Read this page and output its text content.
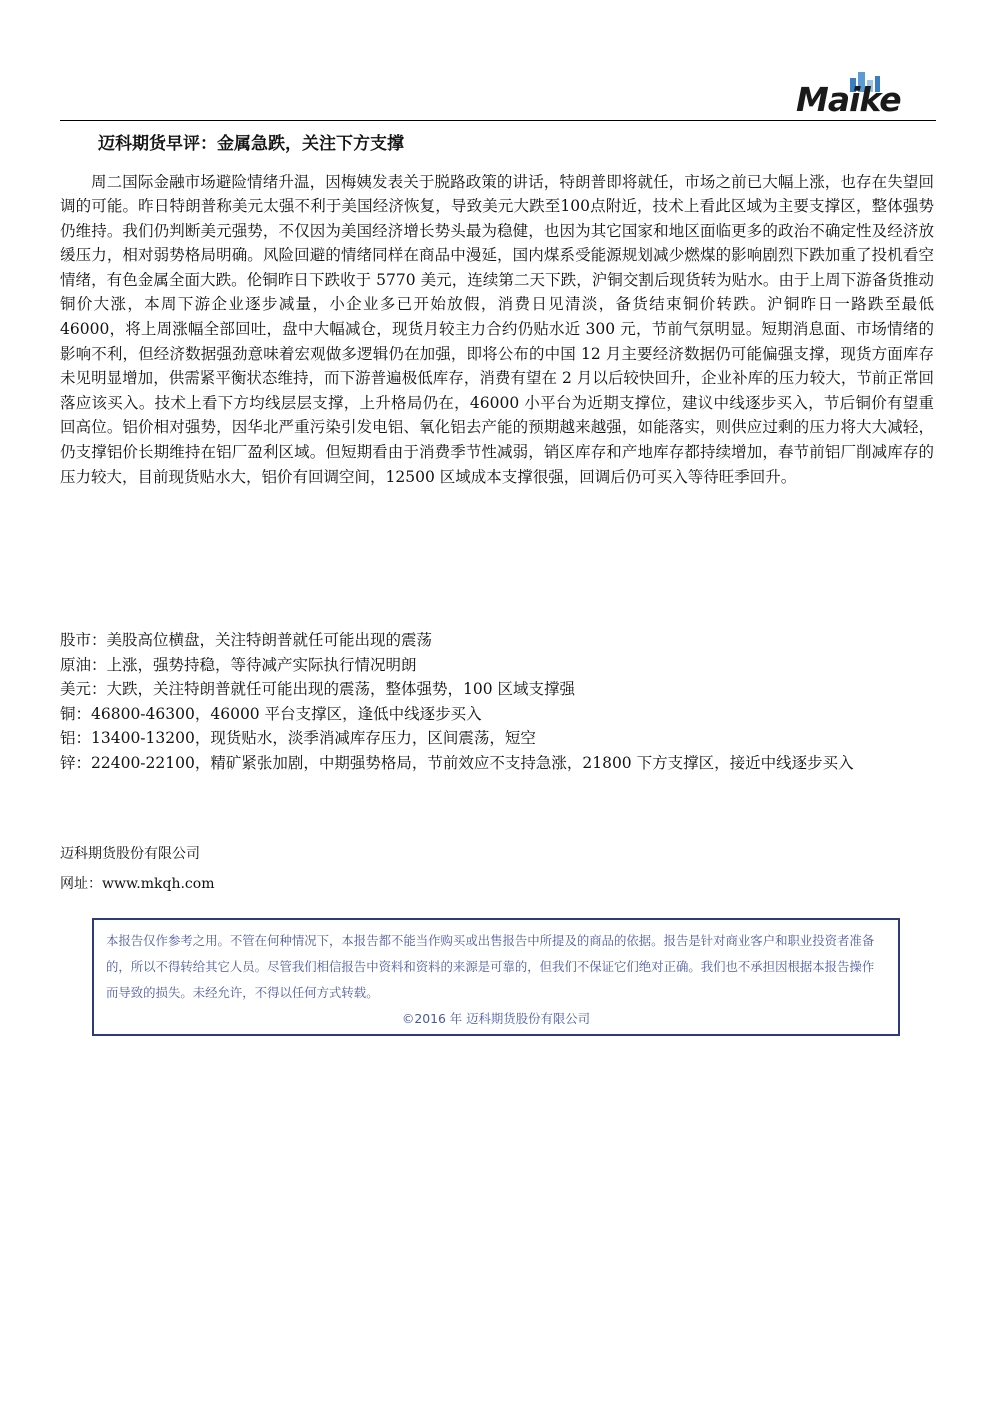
Maike
迈科期货早评：金属急跌，关注下方支撑

周二国际金融市场避险情绪升温，因梅姨发表关于脱路政策的讲话，特朗普即将就任，市场之前已大幅上涨，也存在失望回调的可能。昨日特朗普称美元太强不利于美国经济恢复，导致美元大跌至100点附近，技术上看此区域为主要支撑区，整体强势仍维持。我们仍判断美元强势，不仅因为美国经济增长势头最为稳健，也因为其它国家和地区面临更多的政治不确定性及经济放缓压力，相对弱势格局明确。风险回避的情绪同样在商品中漫延，国内煤系受能源规划减少燃煤的影响剧烈下跌加重了投机看空情绪，有色金属全面大跌。伦铜昨日下跌收于 5770 美元，连续第二天下跌，沪铜交割后现货转为贴水。由于上周下游备货推动铜价大涨，本周下游企业逐步减量，小企业多已开始放假，消费日见清淡，备货结束铜价转跌。沪铜昨日一路跌至最低 46000，将上周涨幅全部回吐，盘中大幅减仓，现货月较主力合约仍贴水近 300 元，节前气氛明显。短期消息面、市场情绪的影响不利，但经济数据强劲意味着宏观做多逻辑仍在加强，即将公布的中国 12 月主要经济数据仍可能偏强支撑，现货方面库存未见明显增加，供需紧平衡状态维持，而下游普遍极低库存，消费有望在 2 月以后较快回升，企业补库的压力较大，节前正常回落应该买入。技术上看下方均线层层支撑，上升格局仍在，46000 小平台为近期支撑位，建议中线逐步买入，节后铜价有望重回高位。铝价相对强势，因华北严重污染引发电铝、氧化铝去产能的预期越来越强，如能落实，则供应过剩的压力将大大减轻，仍支撑铝价长期维持在铝厂盈利区域。但短期看由于消费季节性减弱，销区库存和产地库存都持续增加，春节前铝厂削减库存的压力较大，目前现货贴水大，铝价有回调空间，12500 区域成本支撑很强，回调后仍可买入等待旺季回升。

股市：美股高位横盘，关注特朗普就任可能出现的震荡

原油：上涨，强势持稳，等待减产实际执行情况明朗

美元：大跌，关注特朗普就任可能出现的震荡，整体强势，100 区域支撑强

铜：46800-46300，46000 平台支撑区，逢低中线逐步买入

铝：13400-13200，现货贴水，淡季消减库存压力，区间震荡，短空

锌：22400-22100，精矿紧张加剧，中期强势格局，节前效应不支持急涨，21800 下方支撑区，接近中线逐步买入

迈科期货股份有限公司
网址：www.mkqh.com
本报告仅作参考之用。不管在何种情况下，本报告都不能当作购买或出售报告中所提及的商品的依据。报告是针对商业客户和职业投资者准备的，所以不得转给其它人员。尽管我们相信报告中资料和资料的来源是可靠的，但我们不保证它们绝对正确。我们也不承担因根据本报告操作而导致的损失。未经允许，不得以任何方式转载。
©2016 年 迈科期货股份有限公司
